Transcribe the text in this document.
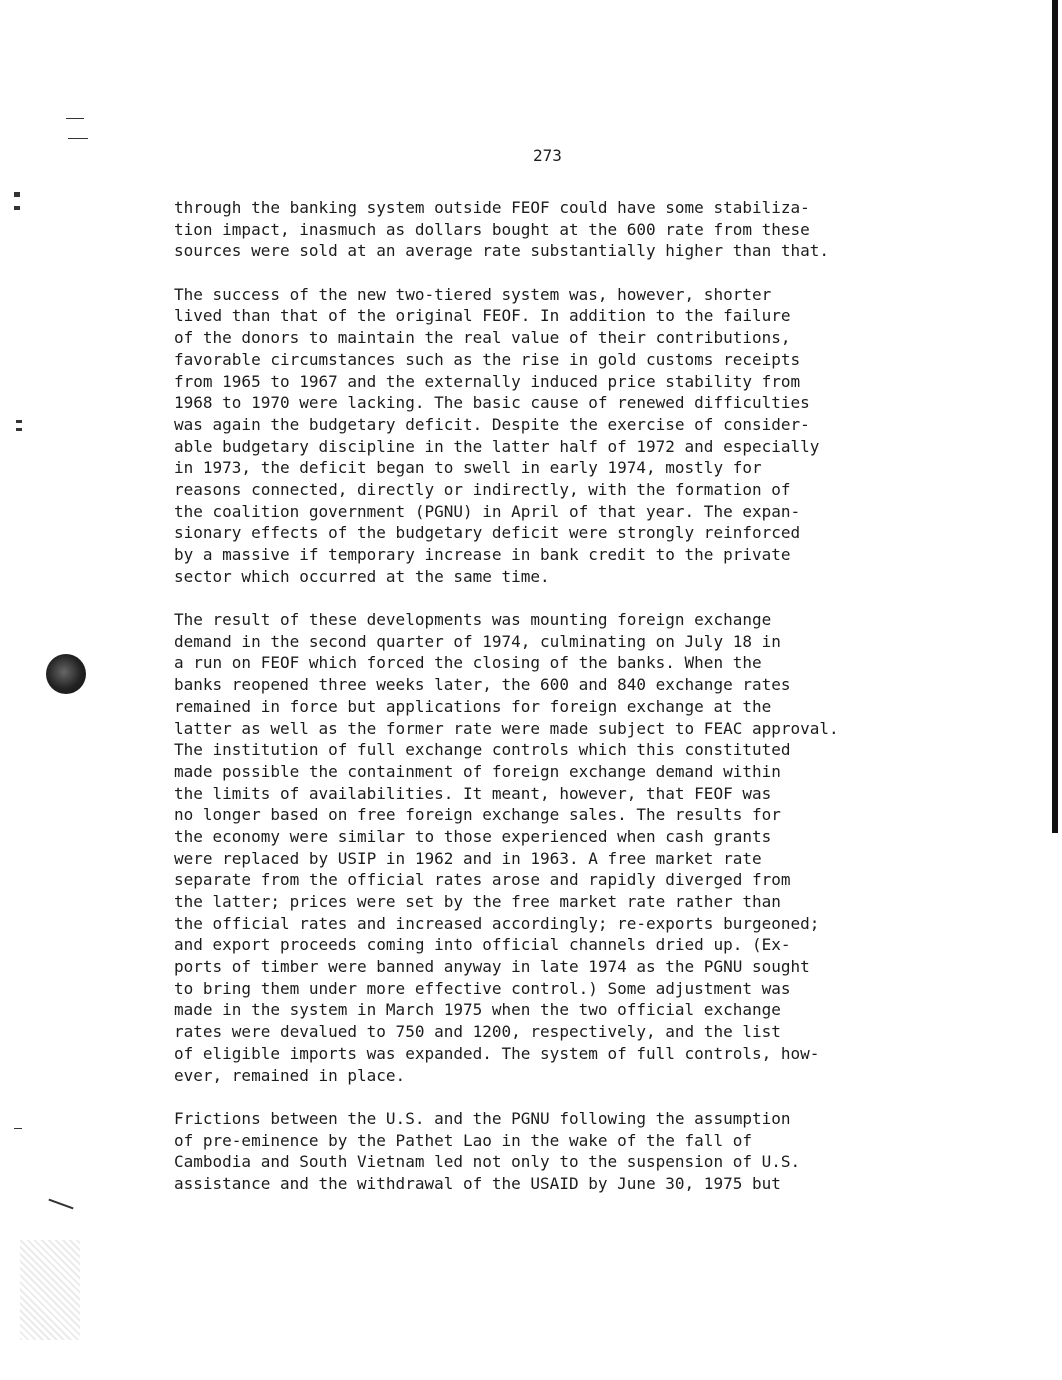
273
through the banking system outside FEOF could have some stabiliza-
tion impact, inasmuch as dollars bought at the 600 rate from these
sources were sold at an average rate substantially higher than that.
The success of the new two-tiered system was, however, shorter
lived than that of the original FEOF. In addition to the failure
of the donors to maintain the real value of their contributions,
favorable circumstances such as the rise in gold customs receipts
from 1965 to 1967 and the externally induced price stability from
1968 to 1970 were lacking. The basic cause of renewed difficulties
was again the budgetary deficit. Despite the exercise of consider-
able budgetary discipline in the latter half of 1972 and especially
in 1973, the deficit began to swell in early 1974, mostly for
reasons connected, directly or indirectly, with the formation of
the coalition government (PGNU) in April of that year. The expan-
sionary effects of the budgetary deficit were strongly reinforced
by a massive if temporary increase in bank credit to the private
sector which occurred at the same time.
The result of these developments was mounting foreign exchange
demand in the second quarter of 1974, culminating on July 18 in
a run on FEOF which forced the closing of the banks. When the
banks reopened three weeks later, the 600 and 840 exchange rates
remained in force but applications for foreign exchange at the
latter as well as the former rate were made subject to FEAC approval.
The institution of full exchange controls which this constituted
made possible the containment of foreign exchange demand within
the limits of availabilities. It meant, however, that FEOF was
no longer based on free foreign exchange sales. The results for
the economy were similar to those experienced when cash grants
were replaced by USIP in 1962 and in 1963. A free market rate
separate from the official rates arose and rapidly diverged from
the latter; prices were set by the free market rate rather than
the official rates and increased accordingly; re-exports burgeoned;
and export proceeds coming into official channels dried up. (Ex-
ports of timber were banned anyway in late 1974 as the PGNU sought
to bring them under more effective control.) Some adjustment was
made in the system in March 1975 when the two official exchange
rates were devalued to 750 and 1200, respectively, and the list
of eligible imports was expanded. The system of full controls, how-
ever, remained in place.
Frictions between the U.S. and the PGNU following the assumption
of pre-eminence by the Pathet Lao in the wake of the fall of
Cambodia and South Vietnam led not only to the suspension of U.S.
assistance and the withdrawal of the USAID by June 30, 1975 but
